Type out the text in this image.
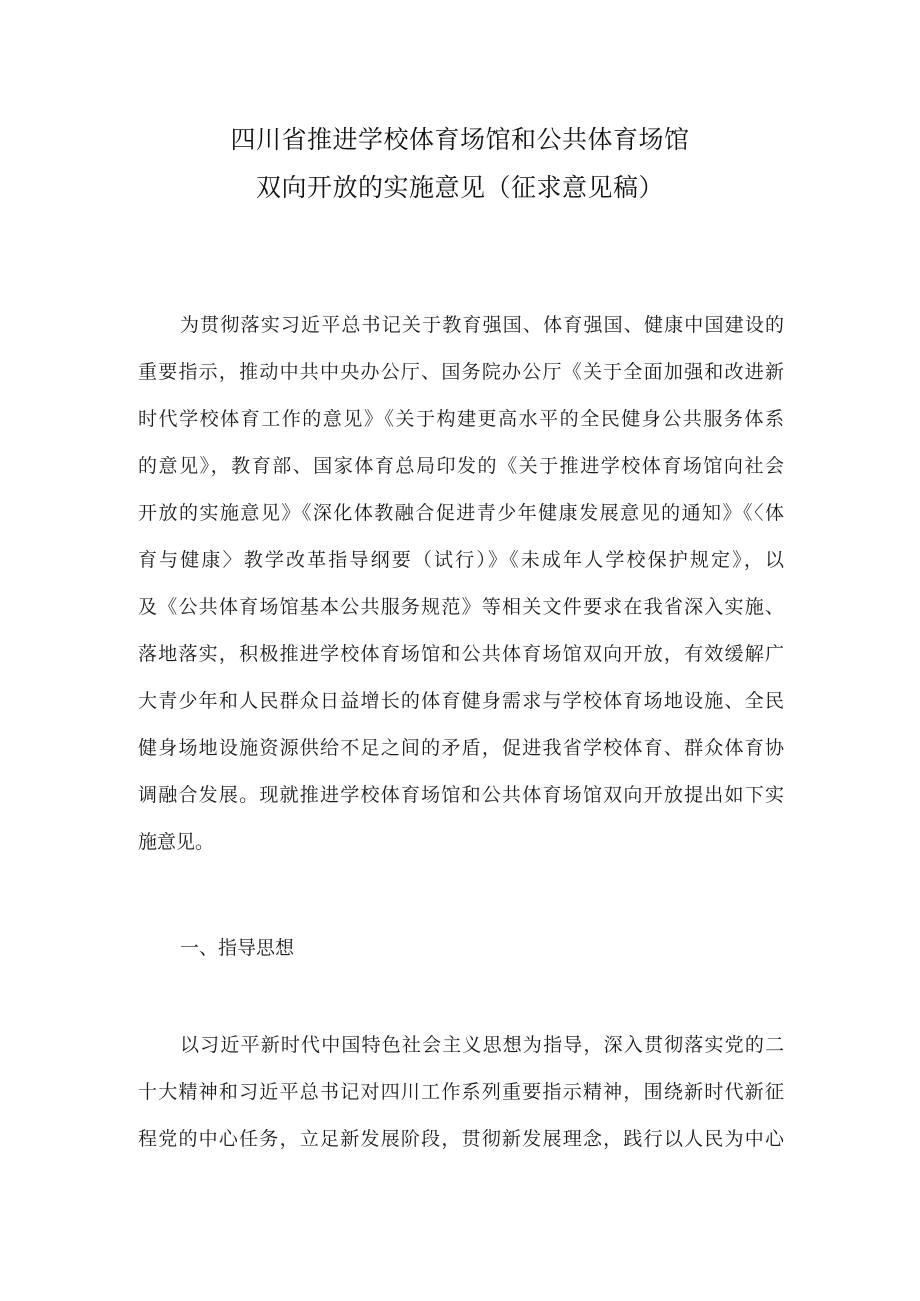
四川省推进学校体育场馆和公共体育场馆
双向开放的实施意见（征求意见稿）
为贯彻落实习近平总书记关于教育强国、体育强国、健康中国建设的
重要指示，推动中共中央办公厅、国务院办公厅《关于全面加强和改进新
时代学校体育工作的意见》《关于构建更高水平的全民健身公共服务体系
的意见》，教育部、国家体育总局印发的《关于推进学校体育场馆向社会
开放的实施意见》《深化体教融合促进青少年健康发展意见的通知》《〈体
育与健康〉教学改革指导纲要（试行）》《未成年人学校保护规定》，以
及《公共体育场馆基本公共服务规范》等相关文件要求在我省深入实施、
落地落实，积极推进学校体育场馆和公共体育场馆双向开放，有效缓解广
大青少年和人民群众日益增长的体育健身需求与学校体育场地设施、全民
健身场地设施资源供给不足之间的矛盾，促进我省学校体育、群众体育协
调融合发展。现就推进学校体育场馆和公共体育场馆双向开放提出如下实
施意见。
一、指导思想
以习近平新时代中国特色社会主义思想为指导，深入贯彻落实党的二
十大精神和习近平总书记对四川工作系列重要指示精神，围绕新时代新征
程党的中心任务，立足新发展阶段，贯彻新发展理念，践行以人民为中心
